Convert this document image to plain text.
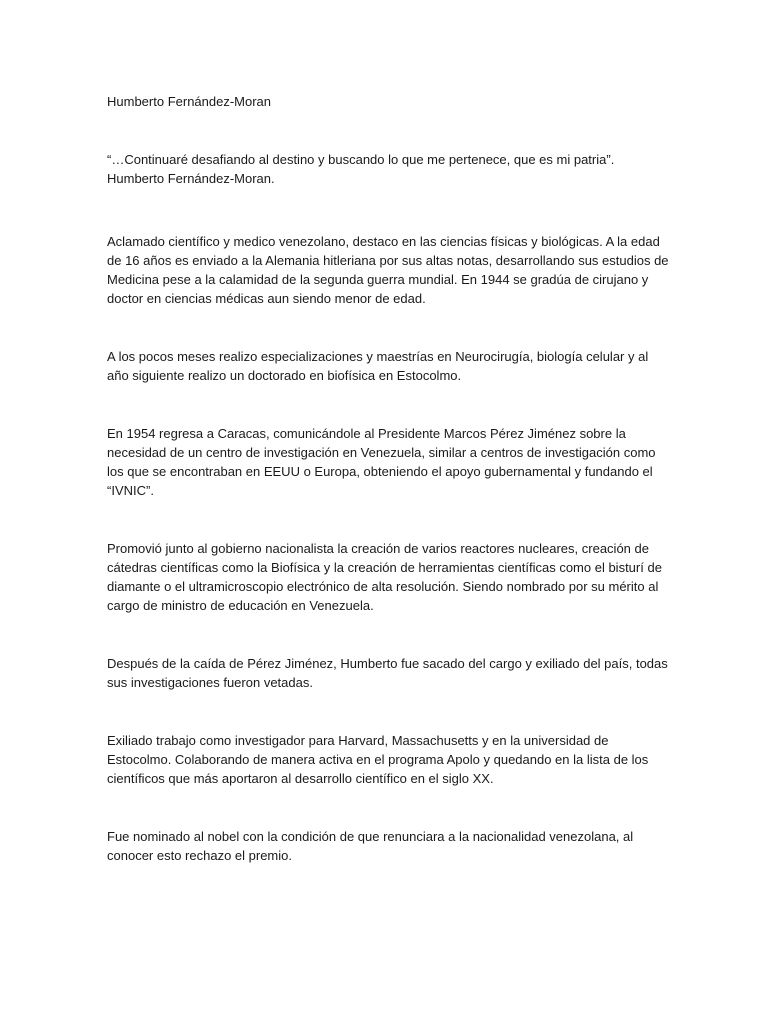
Humberto Fernández-Moran

“…Continuaré desafiando al destino y buscando lo que me pertenece, que es mi patria”. Humberto Fernández-Moran.

Aclamado científico y medico venezolano, destaco en las ciencias físicas y biológicas. A la edad de 16 años es enviado a la Alemania hitleriana por sus altas notas, desarrollando sus estudios de Medicina pese a la calamidad de la segunda guerra mundial. En 1944 se gradúa de cirujano y doctor en ciencias médicas aun siendo menor de edad.

A los pocos meses realizo especializaciones y maestrías en Neurocirugía, biología celular y al año siguiente realizo un doctorado en biofísica en Estocolmo.

En 1954 regresa a Caracas, comunicándole al Presidente Marcos Pérez Jiménez sobre la necesidad de un centro de investigación en Venezuela, similar a centros de investigación como los que se encontraban en EEUU o Europa, obteniendo el apoyo gubernamental y fundando el “IVNIC”.

Promovió junto al gobierno nacionalista la creación de varios reactores nucleares, creación de cátedras científicas como la Biofísica y la creación de herramientas científicas como el bisturí de diamante o el ultramicroscopio electrónico de alta resolución. Siendo nombrado por su mérito al cargo de ministro de educación en Venezuela.

Después de la caída de Pérez Jiménez, Humberto fue sacado del cargo y exiliado del país, todas sus investigaciones fueron vetadas.

Exiliado trabajo como investigador para Harvard, Massachusetts y en la universidad de Estocolmo. Colaborando de manera activa en el programa Apolo y quedando en la lista de los científicos que más aportaron al desarrollo científico en el siglo XX.

Fue nominado al nobel con la condición de que renunciara a la nacionalidad venezolana, al conocer esto rechazo el premio.
